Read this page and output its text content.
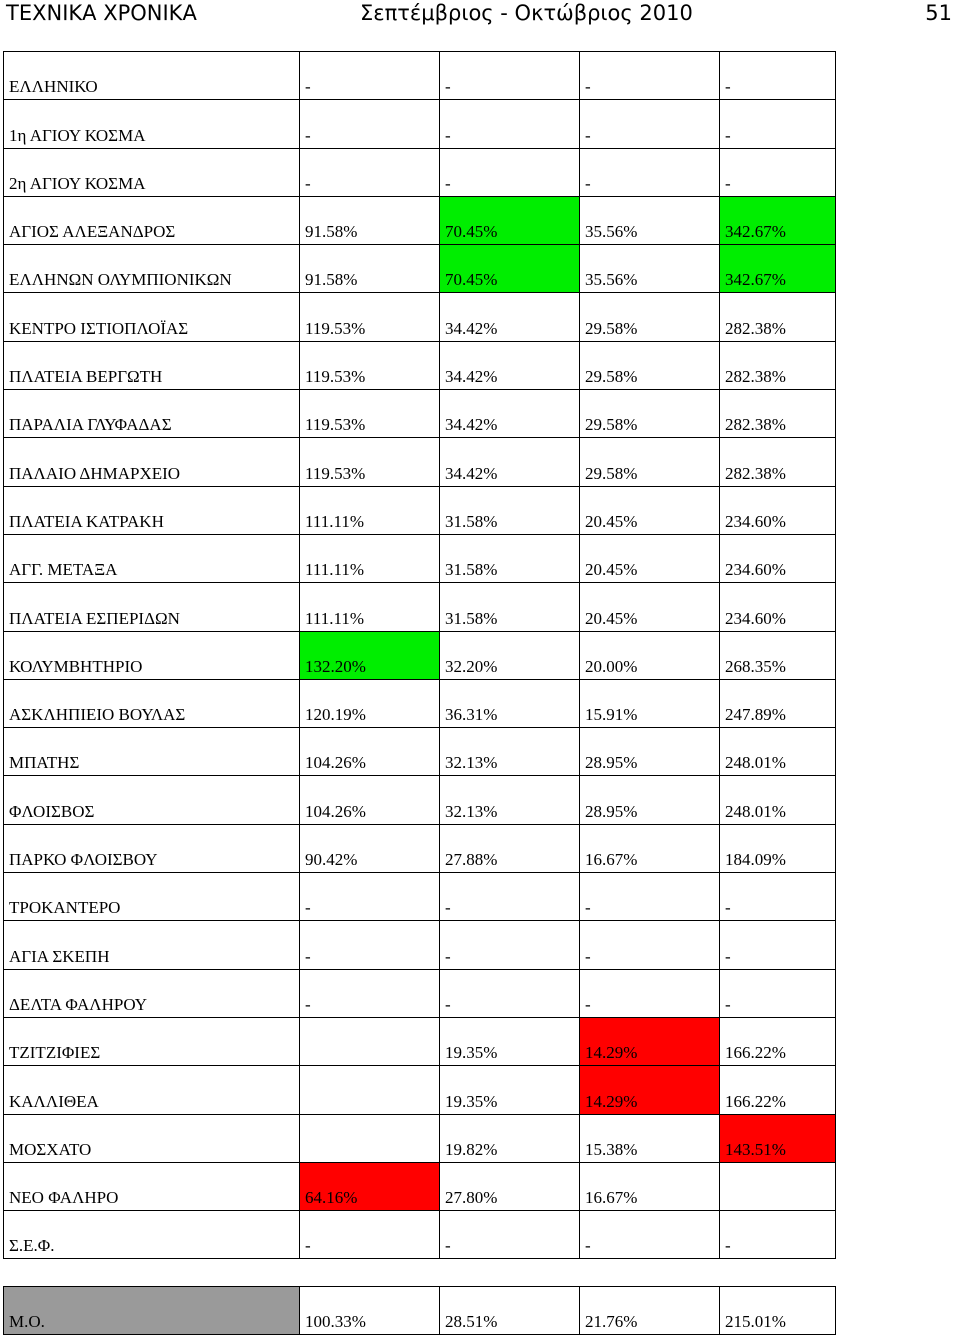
ΤΕΧΝΙΚΑ ΧΡΟΝΙΚΑ	Σεπτέμβριος - Οκτώβριος 2010	51
ΕΛΛΗΝΙΚΟ	-	-	-	-
1η ΑΓΙΟΥ ΚΟΣΜΑ	-	-	-	-
2η ΑΓΙΟΥ ΚΟΣΜΑ	-	-	-	-
ΑΓΙΟΣ ΑΛΕΞΑΝΔΡΟΣ	91.58%	70.45%	35.56%	342.67%
ΕΛΛΗΝΩΝ ΟΛΥΜΠΙΟΝΙΚΩΝ	91.58%	70.45%	35.56%	342.67%
ΚΕΝΤΡΟ ΙΣΤΙΟΠΛΟΪΑΣ	119.53%	34.42%	29.58%	282.38%
ΠΛΑΤΕΙΑ ΒΕΡΓΩΤΗ	119.53%	34.42%	29.58%	282.38%
ΠΑΡΑΛΙΑ ΓΛΥΦΑΔΑΣ	119.53%	34.42%	29.58%	282.38%
ΠΑΛΑΙΟ ΔΗΜΑΡΧΕΙΟ	119.53%	34.42%	29.58%	282.38%
ΠΛΑΤΕΙΑ ΚΑΤΡΑΚΗ	111.11%	31.58%	20.45%	234.60%
ΑΓΓ. ΜΕΤΑΞΑ	111.11%	31.58%	20.45%	234.60%
ΠΛΑΤΕΙΑ ΕΣΠΕΡΙΔΩΝ	111.11%	31.58%	20.45%	234.60%
ΚΟΛΥΜΒΗΤΗΡΙΟ	132.20%	32.20%	20.00%	268.35%
ΑΣΚΛΗΠΙΕΙΟ ΒΟΥΛΑΣ	120.19%	36.31%	15.91%	247.89%
ΜΠΑΤΗΣ	104.26%	32.13%	28.95%	248.01%
ΦΛΟΙΣΒΟΣ	104.26%	32.13%	28.95%	248.01%
ΠΑΡΚΟ ΦΛΟΙΣΒΟΥ	90.42%	27.88%	16.67%	184.09%
ΤΡΟΚΑΝΤΕΡΟ	-	-	-	-
ΑΓΙΑ ΣΚΕΠΗ	-	-	-	-
ΔΕΛΤΑ ΦΑΛΗΡΟΥ	-	-	-	-
ΤΖΙΤΖΙΦΙΕΣ		19.35%	14.29%	166.22%
ΚΑΛΛΙΘΕΑ		19.35%	14.29%	166.22%
ΜΟΣΧΑΤΟ		19.82%	15.38%	143.51%
ΝΕΟ ΦΑΛΗΡΟ	64.16%	27.80%	16.67%	
Σ.Ε.Φ.	-	-	-	-
Μ.Ο.	100.33%	28.51%	21.76%	215.01%
